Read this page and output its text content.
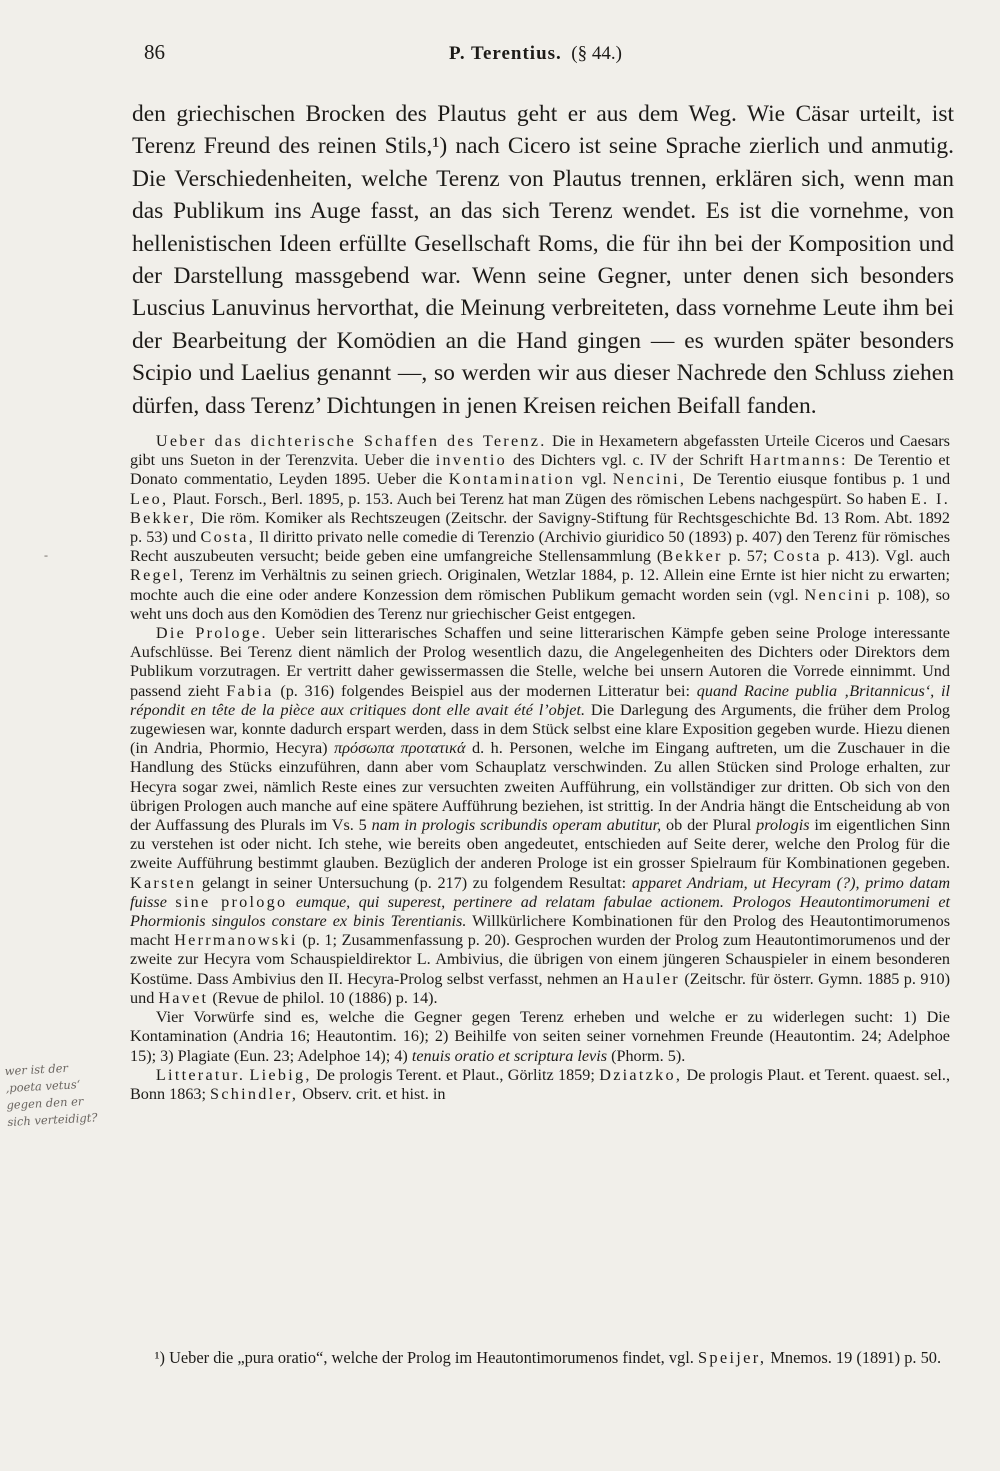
86	P. Terentius. (§ 44.)

den griechischen Brocken des Plautus geht er aus dem Weg. Wie Cäsar urteilt, ist Terenz Freund des reinen Stils,¹) nach Cicero ist seine Sprache zierlich und anmutig. Die Verschiedenheiten, welche Terenz von Plautus trennen, erklären sich, wenn man das Publikum ins Auge fasst, an das sich Terenz wendet. Es ist die vornehme, von hellenistischen Ideen erfüllte Gesellschaft Roms, die für ihn bei der Komposition und der Darstellung massgebend war. Wenn seine Gegner, unter denen sich besonders Luscius Lanuvinus hervorthat, die Meinung verbreiteten, dass vornehme Leute ihm bei der Bearbeitung der Komödien an die Hand gingen — es wurden später besonders Scipio und Laelius genannt —, so werden wir aus dieser Nachrede den Schluss ziehen dürfen, dass Terenz’ Dichtungen in jenen Kreisen reichen Beifall fanden.

Ueber das dichterische Schaffen des Terenz. Die in Hexametern abgefassten Urteile Ciceros und Caesars gibt uns Sueton in der Terenzvita. Ueber die inventio des Dichters vgl. c. IV der Schrift Hartmanns: De Terentio et Donato commentatio, Leyden 1895. Ueber die Kontamination vgl. Nencini, De Terentio eiusque fontibus p. 1 und Leo, Plaut. Forsch., Berl. 1895, p. 153. Auch bei Terenz hat man Zügen des römischen Lebens nachgespürt. So haben E. I. Bekker, Die röm. Komiker als Rechtszeugen (Zeitschr. der Savigny-Stiftung für Rechtsgeschichte Bd. 13 Rom. Abt. 1892 p. 53) und Costa, Il diritto privato nelle comedie di Terenzio (Archivio giuridico 50 (1893) p. 407) den Terenz für römisches Recht auszubeuten versucht; beide geben eine umfangreiche Stellensammlung (Bekker p. 57; Costa p. 413). Vgl. auch Regel, Terenz im Verhältnis zu seinen griech. Originalen, Wetzlar 1884, p. 12. Allein eine Ernte ist hier nicht zu erwarten; mochte auch die eine oder andere Konzession dem römischen Publikum gemacht worden sein (vgl. Nencini p. 108), so weht uns doch aus den Komödien des Terenz nur griechischer Geist entgegen.

Die Prologe. Ueber sein litterarisches Schaffen und seine litterarischen Kämpfe geben seine Prologe interessante Aufschlüsse. Bei Terenz dient nämlich der Prolog wesentlich dazu, die Angelegenheiten des Dichters oder Direktors dem Publikum vorzutragen. Er vertritt daher gewissermassen die Stelle, welche bei unsern Autoren die Vorrede einnimmt. Und passend zieht Fabia (p. 316) folgendes Beispiel aus der modernen Litteratur bei: quand Racine publia ‚Britannicus‘, il répondit en tête de la pièce aux critiques dont elle avait été l’objet. Die Darlegung des Arguments, die früher dem Prolog zugewiesen war, konnte dadurch erspart werden, dass in dem Stück selbst eine klare Exposition gegeben wurde. Hiezu dienen (in Andria, Phormio, Hecyra) πρόσωπα προτατικά d. h. Personen, welche im Eingang auftreten, um die Zuschauer in die Handlung des Stücks einzuführen, dann aber vom Schauplatz verschwinden. Zu allen Stücken sind Prologe erhalten, zur Hecyra sogar zwei, nämlich Reste eines zur versuchten zweiten Aufführung, ein vollständiger zur dritten. Ob sich von den übrigen Prologen auch manche auf eine spätere Aufführung beziehen, ist strittig. In der Andria hängt die Entscheidung ab von der Auffassung des Plurals im Vs. 5 nam in prologis scribundis operam abutitur, ob der Plural prologis im eigentlichen Sinn zu verstehen ist oder nicht. Ich stehe, wie bereits oben angedeutet, entschieden auf Seite derer, welche den Prolog für die zweite Aufführung bestimmt glauben. Bezüglich der anderen Prologe ist ein grosser Spielraum für Kombinationen gegeben. Karsten gelangt in seiner Untersuchung (p. 217) zu folgendem Resultat: apparet Andriam, ut Hecyram (?), primo datam fuisse sine prologo eumque, qui superest, pertinere ad relatam fabulae actionem. Prologos Heautontimorumeni et Phormionis singulos constare ex binis Terentianis. Willkürlichere Kombinationen für den Prolog des Heautontimorumenos macht Herrmanowski (p. 1; Zusammenfassung p. 20). Gesprochen wurden der Prolog zum Heautontimorumenos und der zweite zur Hecyra vom Schauspieldirektor L. Ambivius, die übrigen von einem jüngeren Schauspieler in einem besonderen Kostüme. Dass Ambivius den II. Hecyra-Prolog selbst verfasst, nehmen an Hauler (Zeitschr. für österr. Gymn. 1885 p. 910) und Havet (Revue de philol. 10 (1886) p. 14).

Vier Vorwürfe sind es, welche die Gegner gegen Terenz erheben und welche er zu widerlegen sucht: 1) Die Kontamination (Andria 16; Heautontim. 16); 2) Beihilfe von seiten seiner vornehmen Freunde (Heautontim. 24; Adelphoe 15); 3) Plagiate (Eun. 23; Adelphoe 14); 4) tenuis oratio et scriptura levis (Phorm. 5).

Litteratur. Liebig, De prologis Terent. et Plaut., Görlitz 1859; Dziatzko, De prologis Plaut. et Terent. quaest. sel., Bonn 1863; Schindler, Observ. crit. et hist. in

¹) Ueber die „pura oratio“, welche der Prolog im Heautontimorumenos findet, vgl. Speijer, Mnemos. 19 (1891) p. 50.

wer ist der
‚poeta vetus‘
gegen den er
sich verteidigt?
-
